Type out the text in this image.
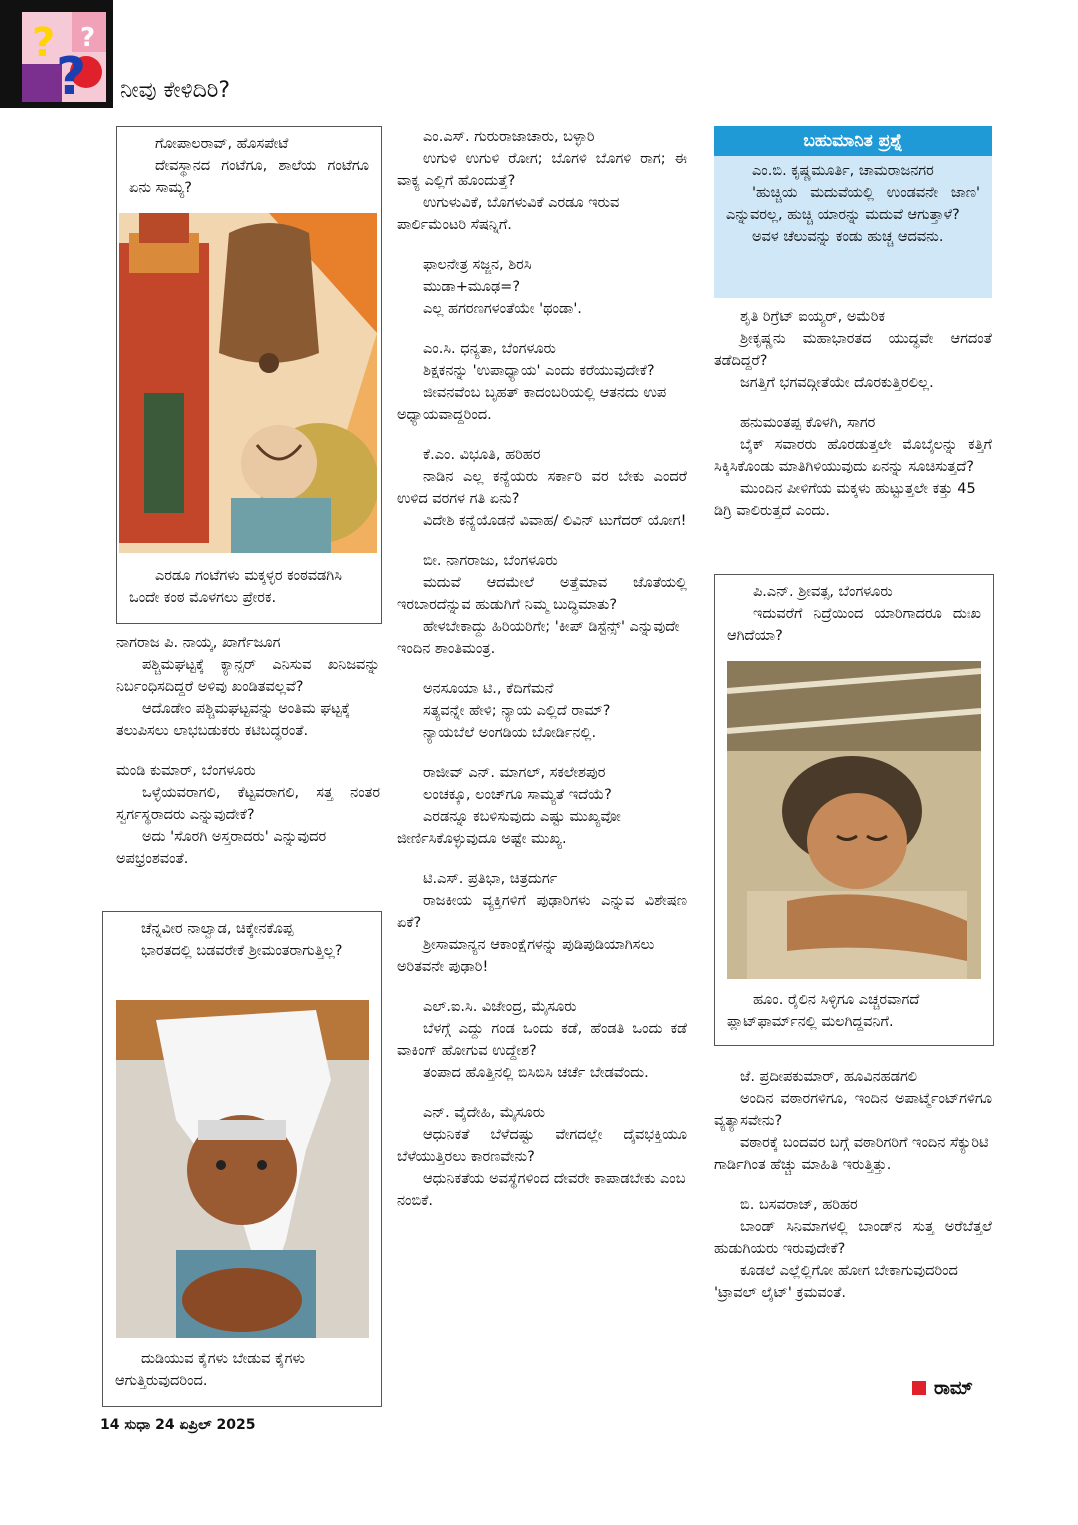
?
?
?
ನೀವು ಕೇಳಿದಿರಿ?

ಗೋಪಾಲರಾವ್, ಹೊಸಪೇಟೆ

ದೇವಸ್ಥಾನದ ಗಂಟೆಗೂ, ಶಾಲೆಯ ಗಂಟೆಗೂ ಏನು ಸಾಮ್ಯ?

ಎರಡೂ ಗಂಟೆಗಳು ಮಕ್ಕಳ್ಳರ ಕಂಠವಡಗಿಸಿ ಒಂದೇ ಕಂಠ ಮೊಳಗಲು ಪ್ರೇರಕ.

ನಾಗರಾಜ ಪಿ. ನಾಯ್ಕ, ಖಾರ್ಗೆಜೂಗ

ಪಶ್ಚಿಮಘಟ್ಟಕ್ಕೆ ಕ್ಯಾನ್ಸರ್ ಎನಿಸುವ ಖನಿಜವನ್ನು ನಿರ್ಬಂಧಿಸದಿದ್ದರೆ ಅಳಿವು ಖಂಡಿತವಲ್ಲವೆ?

ಆದೊಡೇಂ ಪಶ್ಚಿಮಘಟ್ಟವನ್ನು ಅಂತಿಮ ಘಟ್ಟಕ್ಕೆ ತಲುಪಿಸಲು ಲಾಭಬಡುಕರು ಕಟಿಬದ್ಧರಂತೆ.

ಮಂಡಿ ಕುಮಾರ್, ಬೆಂಗಳೂರು

ಒಳ್ಳೆಯವರಾಗಲಿ, ಕೆಟ್ಟವರಾಗಲಿ, ಸತ್ತ ನಂತರ ಸ್ವರ್ಗಸ್ಥರಾದರು ಎನ್ನುವುದೇಕೆ?

ಅದು 'ಸೊರಗಿ ಅಸ್ತರಾದರು' ಎನ್ನುವುದರ ಅಪಭ್ರಂಶವಂತೆ.

ಚೆನ್ನವೀರ ನಾಲ್ವಾಡ, ಚಿಕ್ಕೇನಕೊಪ್ಪ

ಭಾರತದಲ್ಲಿ ಬಡವರೇಕೆ ಶ್ರೀಮಂತರಾಗುತ್ತಿಲ್ಲ?

ದುಡಿಯುವ ಕೈಗಳು ಬೇಡುವ ಕೈಗಳು ಆಗುತ್ತಿರುವುದರಿಂದ.

ಎಂ.ಎಸ್. ಗುರುರಾಜಾಚಾರು, ಬಳ್ಳಾರಿ

ಉಗುಳಿ ಉಗುಳಿ ರೋಗ; ಬೊಗಳಿ ಬೊಗಳಿ ರಾಗ; ಈ ವಾಕ್ಯ ಎಲ್ಲಿಗೆ ಹೊಂದುತ್ತೆ?

ಉಗುಳುವಿಕೆ, ಬೊಗಳುವಿಕೆ ಎರಡೂ ಇರುವ ಪಾರ್ಲಿಮೆಂಟರಿ ಸೆಷನ್ನಿಗೆ.

ಫಾಲನೇತ್ರ ಸಜ್ಜನ, ಶಿರಸಿ

ಮುಡಾ+ಮೂಢ=?

ಎಲ್ಲ ಹಗರಣಗಳಂತೆಯೇ 'ಥಂಡಾ'.

ಎಂ.ಸಿ. ಧನ್ಯತಾ, ಬೆಂಗಳೂರು

ಶಿಕ್ಷಕನನ್ನು 'ಉಪಾಧ್ಯಾಯ' ಎಂದು ಕರೆಯುವುದೇಕೆ?

ಜೀವನವೆಂಬ ಬೃಹತ್ ಕಾದಂಬರಿಯಲ್ಲಿ ಆತನದು ಉಪ ಅಧ್ಯಾಯವಾದ್ದರಿಂದ.

ಕೆ.ಎಂ. ವಿಭೂತಿ, ಹರಿಹರ

ನಾಡಿನ ಎಲ್ಲ ಕನ್ಯೆಯರು ಸರ್ಕಾರಿ ವರ ಬೇಕು ಎಂದರೆ ಉಳಿದ ವರಗಳ ಗತಿ ಏನು?

ವಿದೇಶಿ ಕನ್ಯೆಯೊಡನೆ ವಿವಾಹ/ ಲಿವಿನ್ ಟುಗೆದರ್ ಯೋಗ!

ಬೀ. ನಾಗರಾಜು, ಬೆಂಗಳೂರು

ಮದುವೆ ಆದಮೇಲೆ ಅತ್ತೆಮಾವ ಜೊತೆಯಲ್ಲಿ ಇರಬಾರದೆನ್ನುವ ಹುಡುಗಿಗೆ ನಿಮ್ಮ ಬುದ್ಧಿಮಾತು?

ಹೇಳಬೇಕಾದ್ದು ಹಿರಿಯರಿಗೇ; 'ಕೀಪ್ ಡಿಸ್ಟೆನ್ಸ್' ಎನ್ನುವುದೇ ಇಂದಿನ ಶಾಂತಿಮಂತ್ರ.

ಅನಸೂಯಾ ಟಿ., ಕೆದಿಗೆಮನೆ

ಸತ್ಯವನ್ನೇ ಹೇಳಿ; ನ್ಯಾಯ ಎಲ್ಲಿದೆ ರಾಮ್?

ನ್ಯಾಯಬೆಲೆ ಅಂಗಡಿಯ ಬೋರ್ಡಿನಲ್ಲಿ.

ರಾಜೀವ್ ಎನ್. ಮಾಗಲ್, ಸಕಲೇಶಪುರ

ಲಂಚಕ್ಕೂ, ಲಂಚ್‌ಗೂ ಸಾಮ್ಯತೆ ಇದೆಯೆ?

ಎರಡನ್ನೂ ಕಬಳಿಸುವುದು ಎಷ್ಟು ಮುಖ್ಯವೋ ಜೀರ್ಣಿಸಿಕೊಳ್ಳುವುದೂ ಅಷ್ಟೇ ಮುಖ್ಯ.

ಟಿ.ಎಸ್. ಪ್ರತಿಭಾ, ಚಿತ್ರದುರ್ಗ

ರಾಜಕೀಯ ವ್ಯಕ್ತಿಗಳಿಗೆ ಪುಢಾರಿಗಳು ಎನ್ನುವ ವಿಶೇಷಣ ಏಕೆ?

ಶ್ರೀಸಾಮಾನ್ಯನ ಆಕಾಂಕ್ಷೆಗಳನ್ನು ಪುಡಿಪುಡಿಯಾಗಿಸಲು ಅರಿತವನೇ ಪುಢಾರಿ!

ಎಲ್.ಐ.ಸಿ. ವಿಜೇಂದ್ರ, ಮೈಸೂರು

ಬೆಳಗ್ಗೆ ಎದ್ದು ಗಂಡ ಒಂದು ಕಡೆ, ಹೆಂಡತಿ ಒಂದು ಕಡೆ ವಾಕಿಂಗ್ ಹೋಗುವ ಉದ್ದೇಶ?

ತಂಪಾದ ಹೊತ್ತಿನಲ್ಲಿ ಬಿಸಿಬಿಸಿ ಚರ್ಚೆ ಬೇಡವೆಂದು.

ಎನ್. ವೈದೇಹಿ, ಮೈಸೂರು

ಆಧುನಿಕತೆ ಬೆಳೆದಷ್ಟು ವೇಗದಲ್ಲೇ ದೈವಭಕ್ತಿಯೂ ಬೆಳೆಯುತ್ತಿರಲು ಕಾರಣವೇನು?

ಆಧುನಿಕತೆಯ ಅವಸ್ಥೆಗಳಿಂದ ದೇವರೇ ಕಾಪಾಡಬೇಕು ಎಂಬ ನಂಬಿಕೆ.

ಬಹುಮಾನಿತ ಪ್ರಶ್ನೆ

ಎಂ.ಬಿ. ಕೃಷ್ಣಮೂರ್ತಿ, ಚಾಮರಾಜನಗರ

'ಹುಚ್ಚಿಯ ಮದುವೆಯಲ್ಲಿ ಉಂಡವನೇ ಜಾಣ' ಎನ್ನುವರಲ್ಲ, ಹುಚ್ಚಿ ಯಾರನ್ನು ಮದುವೆ ಆಗುತ್ತಾಳೆ?

ಅವಳ ಚೆಲುವನ್ನು ಕಂಡು ಹುಚ್ಚ ಆದವನು.

ಶೃತಿ ರಿಗ್ರೆಟ್ ಐಯ್ಯರ್, ಅಮೆರಿಕ

ಶ್ರೀಕೃಷ್ಣನು ಮಹಾಭಾರತದ ಯುದ್ಧವೇ ಆಗದಂತೆ ತಡೆದಿದ್ದರೆ?

ಜಗತ್ತಿಗೆ ಭಗವದ್ಗೀತೆಯೇ ದೊರಕುತ್ತಿರಲಿಲ್ಲ.

ಹನುಮಂತಪ್ಪ ಕೊಳಗಿ, ಸಾಗರ

ಬೈಕ್ ಸವಾರರು ಹೊರಡುತ್ತಲೇ ಮೊಬೈಲನ್ನು ಕತ್ತಿಗೆ ಸಿಕ್ಕಿಸಿಕೊಂಡು ಮಾತಿಗಿಳಿಯುವುದು ಏನನ್ನು ಸೂಚಿಸುತ್ತದೆ?

ಮುಂದಿನ ಪೀಳಿಗೆಯ ಮಕ್ಕಳು ಹುಟ್ಟುತ್ತಲೇ ಕತ್ತು 45 ಡಿಗ್ರಿ ವಾಲಿರುತ್ತದೆ ಎಂದು.

ಪಿ.ಎನ್. ಶ್ರೀವತ್ಸ, ಬೆಂಗಳೂರು

ಇದುವರೆಗೆ ನಿದ್ರೆಯಿಂದ ಯಾರಿಗಾದರೂ ದುಃಖ ಆಗಿದೆಯಾ?

ಹೂಂ. ರೈಲಿನ ಸಿಳ್ಳಿಗೂ ಎಚ್ಚರವಾಗದೆ ಪ್ಲಾಟ್‌ಫಾರ್ಮ್‌ನಲ್ಲಿ ಮಲಗಿದ್ದವನಿಗೆ.

ಜೆ. ಪ್ರದೀಪಕುಮಾರ್, ಹೂವಿನಹಡಗಲಿ

ಅಂದಿನ ವಠಾರಗಳಿಗೂ, ಇಂದಿನ ಅಪಾರ್ಟ್ಮೆಂಟ್‌ಗಳಿಗೂ ವ್ಯತ್ಯಾಸವೇನು?

ವಠಾರಕ್ಕೆ ಬಂದವರ ಬಗ್ಗೆ ವಠಾರಿಗರಿಗೆ ಇಂದಿನ ಸೆಕ್ಯುರಿಟಿ ಗಾರ್ಡಿಗಿಂತ ಹೆಚ್ಚು ಮಾಹಿತಿ ಇರುತ್ತಿತ್ತು.

ಬಿ. ಬಸವರಾಜ್, ಹರಿಹರ

ಬಾಂಡ್ ಸಿನಿಮಾಗಳಲ್ಲಿ ಬಾಂಡ್‌ನ ಸುತ್ತ ಅರೆಬೆತ್ತಲೆ ಹುಡುಗಿಯರು ಇರುವುದೇಕೆ?

ಕೂಡಲೆ ಎಲ್ಲೆಲ್ಲಿಗೋ ಹೋಗ ಬೇಕಾಗುವುದರಿಂದ 'ಟ್ರಾವಲ್ ಲೈಟ್' ಕ್ರಮವಂತೆ.

ರಾಮ್
14 ಸುಧಾ 24 ಏಪ್ರಿಲ್ 2025
